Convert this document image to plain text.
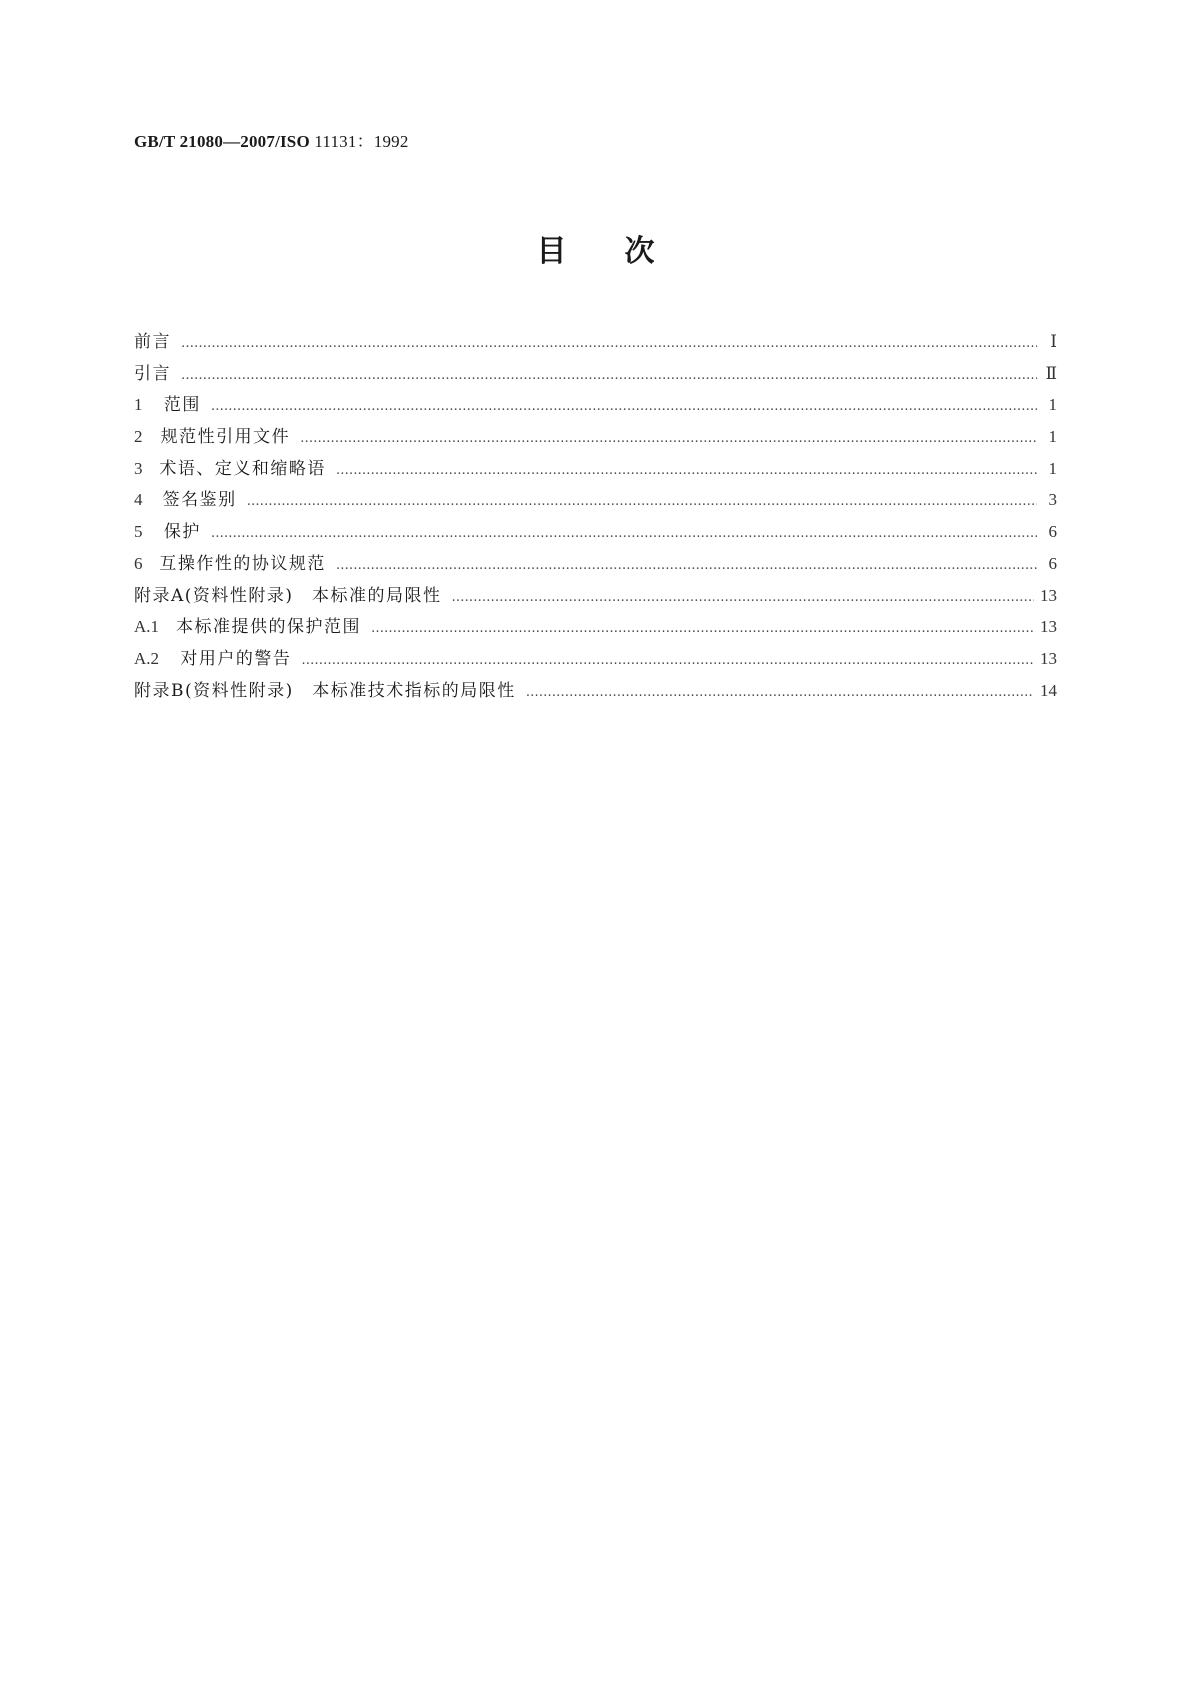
GB/T 21080—2007/ISO 11131：1992
目次
前言 ……………………………………………………………………………………………………………………………………………………………………………………	Ⅰ
引言 ……………………………………………………………………………………………………………………………………………………………………………………	Ⅱ
1	范围 ……………………………………………………………………………………………………………………………………………………………………………………	1
2	规范性引用文件 ……………………………………………………………………………………………………………………………………………………………………………………	1
3 术语、定义和缩略语 ……………………………………………………………………………………………………………………………………………………………………………………	1
4	签名鉴别 ……………………………………………………………………………………………………………………………………………………………………………………	3
5	保护 ……………………………………………………………………………………………………………………………………………………………………………………	6
6 互操作性的协议规范 ……………………………………………………………………………………………………………………………………………………………………………………	6
附录A(资料性附录)　本标准的局限性 ……………………………………………………………………………………………………………………………………………………………………………………	13
A.1 本标准提供的保护范围 ……………………………………………………………………………………………………………………………………………………………………………………	13
A.2	对用户的警告 ……………………………………………………………………………………………………………………………………………………………………………………	13
附录B(资料性附录)　本标准技术指标的局限性 ……………………………………………………………………………………………………………………………………………………………………………………	14
